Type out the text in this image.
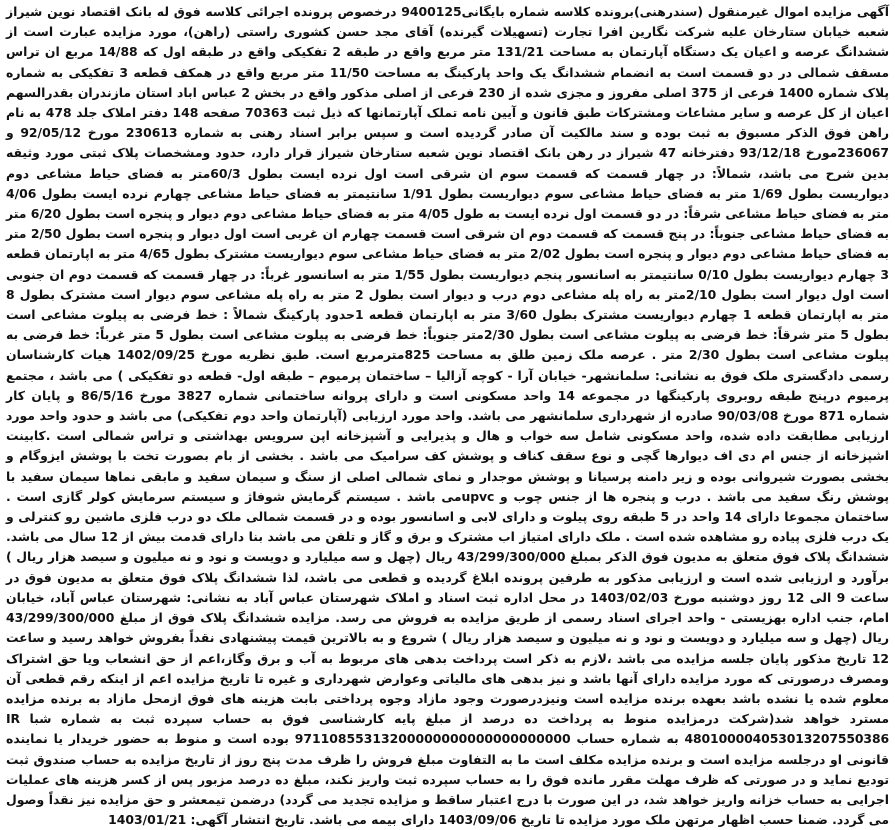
آگهی مزایده اموال غیرمنقول (سندرهنی)برونده کلاسه شماره بایگانی9400125 درخصوص پرونده اجرائی کلاسه فوق له بانک اقتصاد نوین شیراز شعبه خیابان ستارخان علیه شرکت نگارین افرا تجارت (تسهیلات گیرنده) آقای مجد حسن کشوری راستی (راهن)، مورد مزایده عبارت است از ششدانگ عرصه و اعیان یک دستگاه آپارتمان به مساحت 131/21 متر مربع واقع در طبقه 2 تفکیکی واقع در طبقه اول که 14/88 مربع ان تراس مسقف شمالی در دو قسمت است به انضمام ششدانگ یک واحد پارکینگ به مساحت 11/50 متر مربع واقع در همکف قطعه 3 تفکیکی به شماره پلاک شماره 1400 فرعی از 375 اصلی مفروز و مجزی شده از 230 فرعی از اصلی مذکور واقع در بخش 2 عباس اباد استان مازندران بقدرالسهم اعیان از کل عرصه و سایر مشاعات ومشترکات طبق قانون و آیین نامه تملک آپارتمانها که ذیل ثبت 70363 صفحه 148 دفتر املاک جلد 478 به نام راهن فوق الذکر مسبوق به ثبت بوده و سند مالکیت آن صادر گردیده است و سپس برابر اسناد رهنی به شماره 230613 مورخ 92/05/12 و 236067مورخ 93/12/18 دفترخانه 47 شیراز در رهن بانک اقتصاد نوین شعبه ستارخان شیراز قرار دارد، حدود ومشخصات پلاک ثبتی مورد وثیقه بدین شرح می باشد، شمالاً: در چهار قسمت که قسمت سوم ان شرقی است اول نرده ایست بطول 60/3متر به فضای حیاط مشاعی دوم دیواریست بطول 1/69 متر به فضای حیاط مشاعی سوم دیواریست بطول 1/91 سانتیمتر به فضای حیاط مشاعی چهارم نرده ایست بطول 4/06 متر به فضای حیاط مشاعی شرقاً: در دو قسمت اول نرده ایست به طول 4/05 متر به فضای حیاط مشاعی دوم دیوار و پنجره است بطول 6/20 متر به فضای حیاط مشاعی جنوباً: در پنج قسمت که قسمت دوم ان شرقی است قسمت چهارم ان غربی است اول دیوار و پنجره است بطول 2/50 متر به فضای حیاط مشاعی دوم دیوار و پنجره است بطول 2/02 متر به فضای حیاط مشاعی سوم دیواریست مشترک بطول 4/65 متر به اپارتمان قطعه 3 چهارم دیواریست بطول 0/10 سانتیمتر به اسانسور پنجم دیواریست بطول 1/55 متر به اسانسور غرباً: در چهار قسمت که قسمت دوم ان جنوبی است اول دیوار است بطول 2/10متر به راه پله مشاعی دوم درب و دیوار است بطول 2 متر به راه پله مشاعی سوم دیوار است مشترک بطول 8 متر به اپارتمان قطعه 1 چهارم دیواریست مشترک بطول 3/60 متر به اپارتمان قطعه 1حدود پارکینگ شمالاً : خط فرضی به پیلوت مشاعی است بطول 5 متر شرقاً: خط فرضی به پیلوت مشاعی است بطول 2/30متر جنوباً: خط فرضی به پیلوت مشاعی است بطول 5 متر غرباً: خط فرضی به پیلوت مشاعی است بطول 2/30 متر . عرصه ملک زمین طلق به مساحت 825مترمربع است. طبق نظریه مورخ 1402/09/25 هیات کارشناسان رسمی دادگستری ملک فوق به نشانی: سلمانشهر- خیابان آرا - کوچه آزالیا – ساختمان پرمیوم – طبقه اول- قطعه دو تفکیکی ) می باشد ، مجتمع پرمیوم درپنج طبقه روبروی پارکینگها در مجموعه 14 واحد مسکونی است و دارای پروانه ساختمانی شماره 3827 مورخ 86/5/16 و پایان کار شماره 871 مورخ 90/03/08 صادره از شهرداری سلمانشهر می باشد. واحد مورد ارزیابی (آپارتمان واحد دوم تفکیکی) می باشد و حدود واحد مورد ارزیابی مطابقت داده شده، واحد مسکونی شامل سه خواب و هال و پذیرایی و آشپزخانه اپن سرویس بهداشتی و تراس شمالی است .کابینت اشپزخانه از جنس ام دی اف دیوارها گچی و نوع سقف کناف و پوشش کف سرامیک می باشد . بخشی از بام بصورت تخت با پوشش ایزوگام و بخشی بصورت شیروانی بوده و زیر دامنه پرسیانا و پوشش موجدار و نمای شمالی اصلی از سنگ و سیمان سفید و مابقی نماها سیمان سفید با پوشش رنگ سفید می باشد . درب و پنجره ها از جنس چوب و upvcمی باشد . سیستم گرمایش شوفاژ و سیستم سرمایش کولر گازی است . ساختمان مجموعا دارای 14 واحد در 5 طبقه روی پیلوت و دارای لابی و اسانسور بوده و در قسمت شمالی ملک دو درب فلزی ماشین رو کنترلی و یک درب فلزی پیاده رو مشاهده شده است . ملک دارای امتیاز اب مشترک و برق و گاز و تلفن می باشد بنا دارای قدمت بیش از 12 سال می باشد. ششدانگ پلاک فوق متعلق به مدیون فوق الذکر بمبلغ 43/299/300/000 ریال (چهل و سه میلیارد و دویست و نود و نه میلیون و سیصد هزار ریال ) برآورد و ارزیابی شده است و ارزیابی مذکور به طرفین پرونده ابلاغ گردیده و قطعی می باشد، لذا ششدانگ پلاک فوق متعلق به مدیون فوق در ساعت 9 الی 12 روز دوشنبه مورخ 1403/02/03 در محل اداره ثبت اسناد و املاک شهرستان عباس آباد به نشانی: شهرستان عباس آباد، خیابان امام، جنب اداره بهزیستی - واحد اجرای اسناد رسمی از طریق مزایده به فروش می رسد. مزایده ششدانگ پلاک فوق از مبلغ 43/299/300/000 ریال (چهل و سه میلیارد و دویست و نود و نه میلیون و سیصد هزار ریال ) شروع و به بالاترین قیمت پیشنهادی نقداً بفروش خواهد رسید و ساعت 12 تاریخ مذکور پایان جلسه مزایده می باشد ،لازم به ذکر است پرداخت بدهی های مربوط به آب و برق وگاز،اعم از حق انشعاب ویا حق اشتراک ومصرف درصورتی که مورد مزایده دارای آنها باشد و نیز بدهی های مالیاتی وعوارض شهرداری و غیره تا تاریخ مزایده اعم از اینکه رقم قطعی آن معلوم شده یا نشده باشد بعهده برنده مزایده است ونیزدرصورت وجود مازاد وجوه پرداختی بابت هزینه های فوق ازمحل مازاد به برنده مزایده مسترد خواهد شد(شرکت درمزایده منوط به پرداخت ده درصد از مبلغ پایه کارشناسی فوق به حساب سپرده ثبت به شماره شبا IR 480100004053013207550386 به شماره حساب 97110855313200000000000000000000 بوده است و منوط به حضور خریدار یا نماینده قانونی او درجلسه مزایده است و برنده مزایده مکلف است ما به التفاوت مبلغ فروش را ظرف مدت پنج روز از تاریخ مزایده به حساب صندوق ثبت تودیع نماید و در صورتی که ظرف مهلت مقرر مانده فوق را به حساب سپرده ثبت واریز نکند، مبلغ ده درصد مزبور پس از کسر هزینه های عملیات اجرایی به حساب خزانه واریز خواهد شد، در این صورت با درج اعتبار ساقط و مزایده تجدید می گردد) درضمن تیمعشر و حق مزایده نیز نقداً وصول می گردد. ضمنا حسب اظهار مرتهن ملک مورد مزایده تا تاریخ 1403/09/06 دارای بیمه می باشد. تاریخ انتشار آگهی: 1403/01/21
